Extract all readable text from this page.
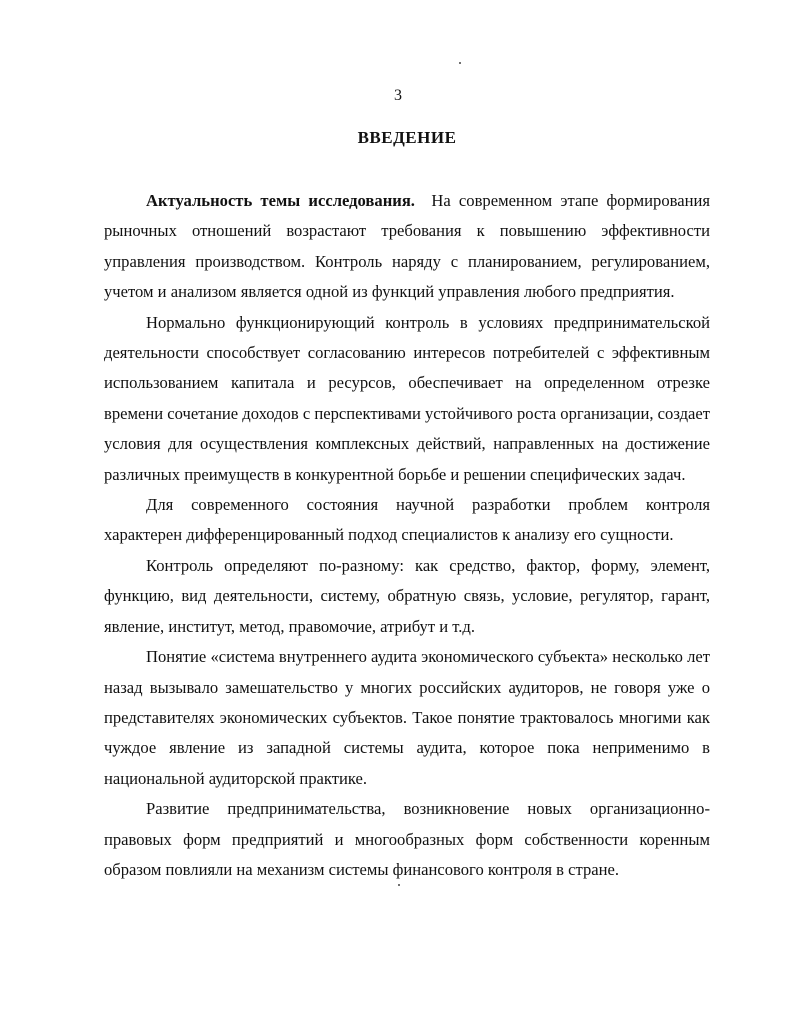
3
ВВЕДЕНИЕ

Актуальность темы исследования. На современном этапе формирования рыночных отношений возрастают требования к повышению эффективности управления производством. Контроль наряду с планированием, регулированием, учетом и анализом является одной из функций управления любого предприятия.

Нормально функционирующий контроль в условиях предпринимательской деятельности способствует согласованию интересов потребителей с эффективным использованием капитала и ресурсов, обеспечивает на определенном отрезке времени сочетание доходов с перспективами устойчивого роста организации, создает условия для осуществления комплексных действий, направленных на достижение различных преимуществ в конкурентной борьбе и решении специфических задач.

Для современного состояния научной разработки проблем контроля характерен дифференцированный подход специалистов к анализу его сущности.

Контроль определяют по-разному: как средство, фактор, форму, элемент, функцию, вид деятельности, систему, обратную связь, условие, регулятор, гарант, явление, институт, метод, правомочие, атрибут и т.д.

Понятие «система внутреннего аудита экономического субъекта» несколько лет назад вызывало замешательство у многих российских аудиторов, не говоря уже о представителях экономических субъектов. Такое понятие трактовалось многими как чуждое явление из западной системы аудита, которое пока неприменимо в национальной аудиторской практике.

Развитие предпринимательства, возникновение новых организационно-правовых форм предприятий и многообразных форм собственности коренным образом повлияли на механизм системы финансового контроля в стране.
